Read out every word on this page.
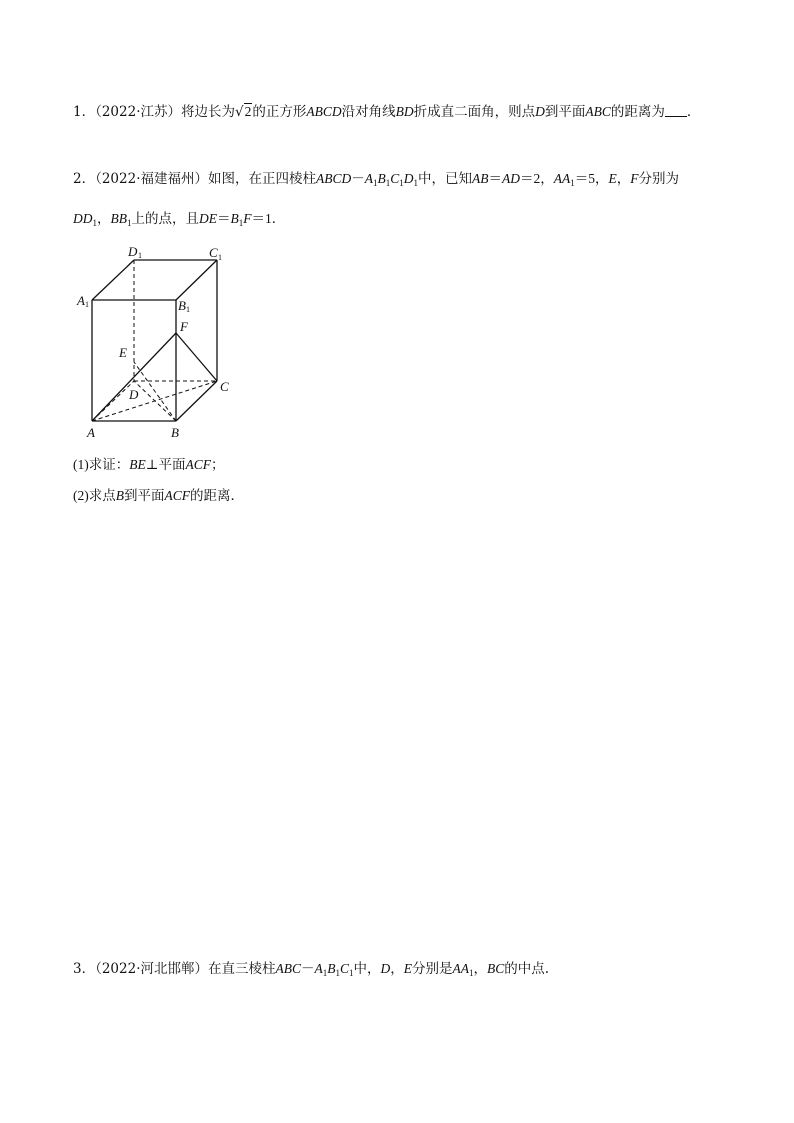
1．（2022·江苏）将边长为√2的正方形ABCD沿对角线BD折成直二面角，则点D到平面ABC的距离为 ．
2．（2022·福建福州）如图，在正四棱柱$ABCD-A_1B_1C_1D_1$中，已知AB＝AD＝2，$AA_1=5$，E，F分别为
$DD_1$，$BB_1$上的点，且$DE=B_1F=1$．
D 1	C 1
A 1	B 1
F
E
D
C
A	B
(1)求证：BE⊥平面ACF；
(2)求点B到平面ACF的距离．
3．（2022·河北邯郸）在直三棱柱$ABC-A_1B_1C_1$中，D，E分别是$AA_1$，BC的中点.
